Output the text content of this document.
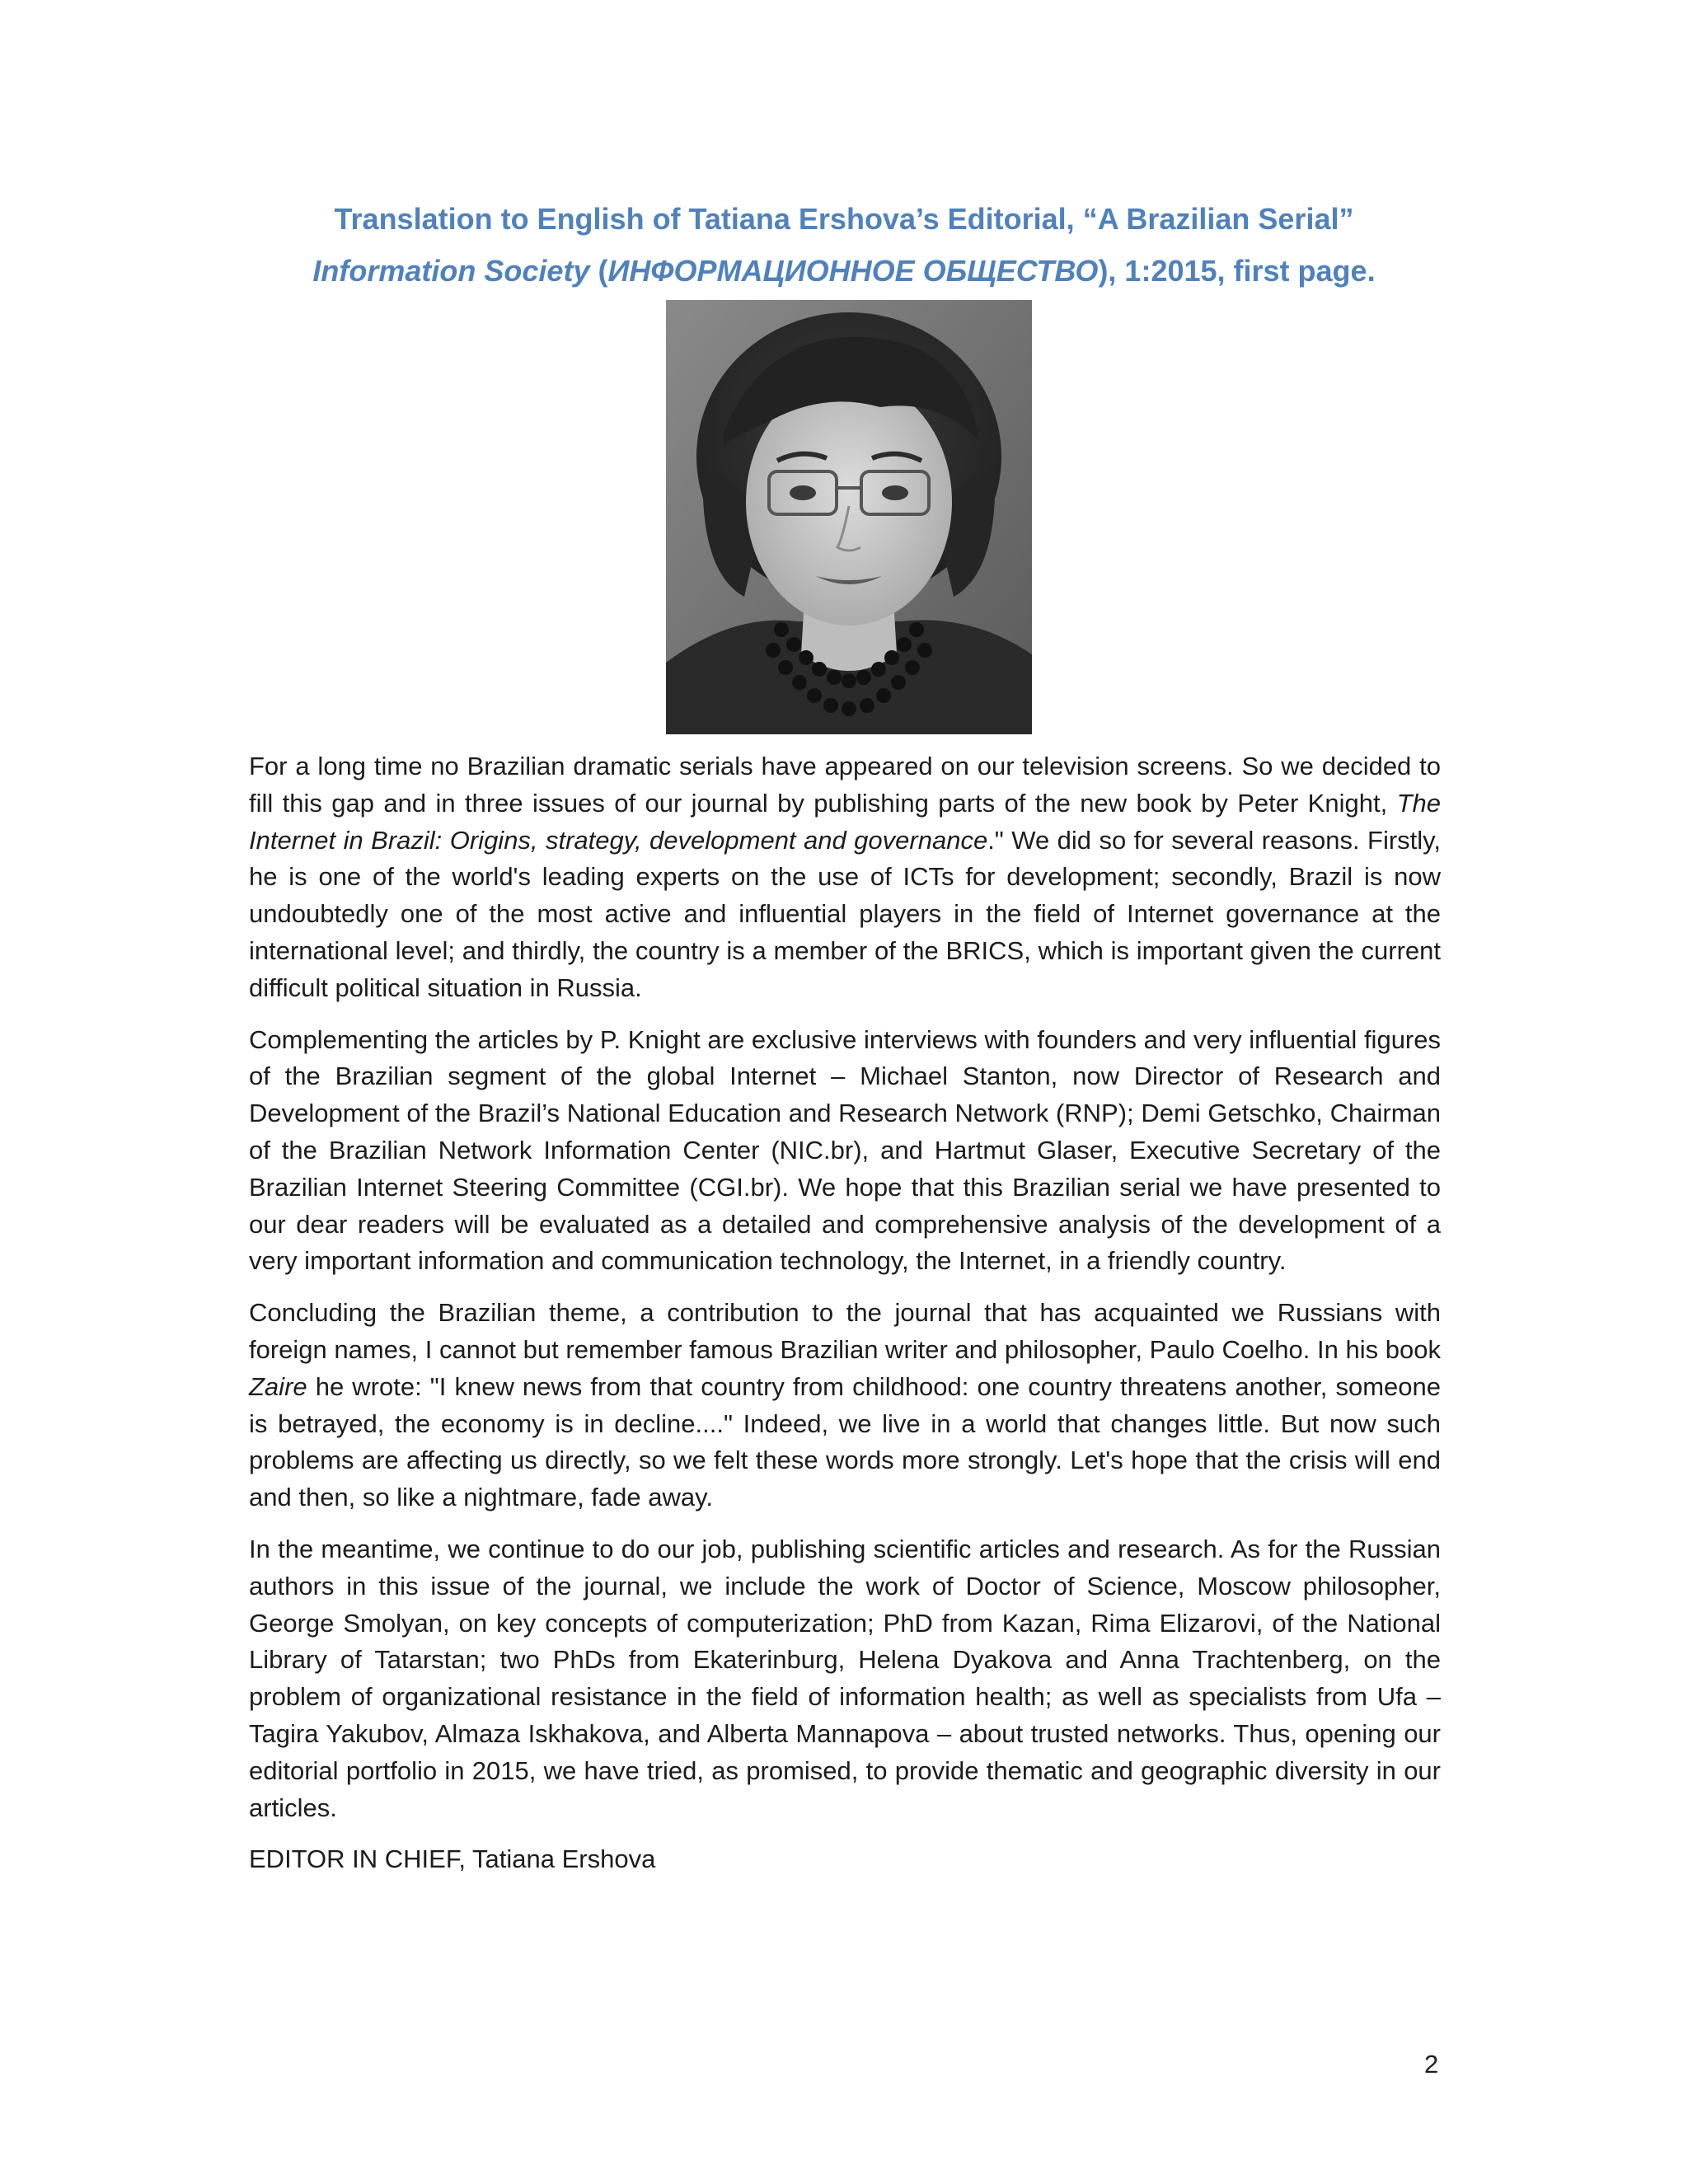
Translation to English of Tatiana Ershova’s Editorial, “A Brazilian Serial”
Information Society (ИНФОРМАЦИОННОЕ ОБЩЕСТВО), 1:2015, first page.

For a long time no Brazilian dramatic serials have appeared on our television screens. So we decided to fill this gap and in three issues of our journal by publishing parts of the new book by Peter Knight, The Internet in Brazil: Origins, strategy, development and governance." We did so for several reasons. Firstly, he is one of the world's leading experts on the use of ICTs for development; secondly, Brazil is now undoubtedly one of the most active and influential players in the field of Internet governance at the international level; and thirdly, the country is a member of the BRICS, which is important given the current difficult political situation in Russia.

Complementing the articles by P. Knight are exclusive interviews with founders and very influential figures of the Brazilian segment of the global Internet – Michael Stanton, now Director of Research and Development of the Brazil’s National Education and Research Network (RNP); Demi Getschko, Chairman of the Brazilian Network Information Center (NIC.br), and Hartmut Glaser, Executive Secretary of the Brazilian Internet Steering Committee (CGI.br). We hope that this Brazilian serial we have presented to our dear readers will be evaluated as a detailed and comprehensive analysis of the development of a very important information and communication technology, the Internet, in a friendly country.

Concluding the Brazilian theme, a contribution to the journal that has acquainted we Russians with foreign names, I cannot but remember famous Brazilian writer and philosopher, Paulo Coelho. In his book Zaire he wrote: "I knew news from that country from childhood: one country threatens another, someone is betrayed, the economy is in decline...." Indeed, we live in a world that changes little. But now such problems are affecting us directly, so we felt these words more strongly. Let's hope that the crisis will end and then, so like a nightmare, fade away.

In the meantime, we continue to do our job, publishing scientific articles and research. As for the Russian authors in this issue of the journal, we include the work of Doctor of Science, Moscow philosopher, George Smolyan, on key concepts of computerization; PhD from Kazan, Rima Elizarovi, of the National Library of Tatarstan; two PhDs from Ekaterinburg, Helena Dyakova and Anna Trachtenberg, on the problem of organizational resistance in the field of information health; as well as specialists from Ufa – Tagira Yakubov, Almaza Iskhakova, and Alberta Mannapova – about trusted networks. Thus, opening our editorial portfolio in 2015, we have tried, as promised, to provide thematic and geographic diversity in our articles.

EDITOR IN CHIEF, Tatiana Ershova

2
